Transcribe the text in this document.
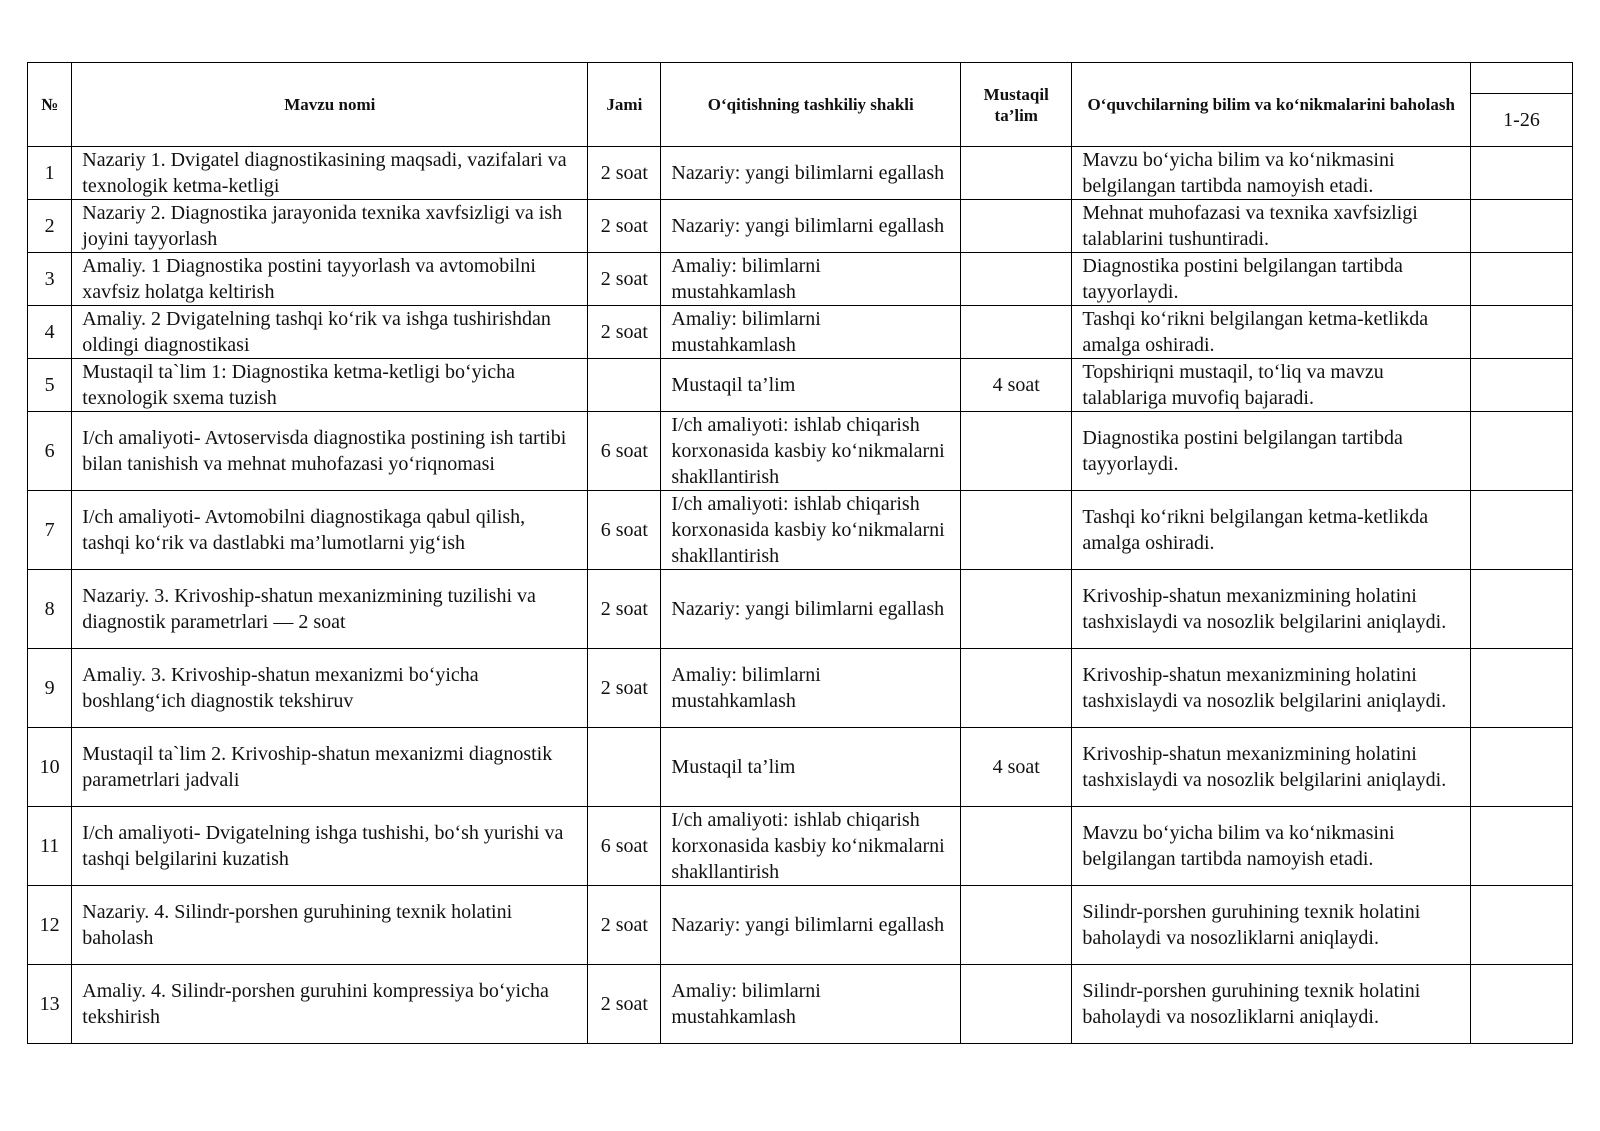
№	Mavzu nomi	Jami	O‘qitishning tashkiliy shakli	Mustaqil ta’lim	O‘quvchilarning bilim va ko‘nikmalarini baholash	
						1-26
1	Nazariy 1. Dvigatel diagnostikasining maqsadi, vazifalari va texnologik ketma-ketligi	2 soat	Nazariy: yangi bilimlarni egallash		Mavzu bo‘yicha bilim va ko‘nikmasini belgilangan tartibda namoyish etadi.	
2	Nazariy 2. Diagnostika jarayonida texnika xavfsizligi va ish joyini tayyorlash	2 soat	Nazariy: yangi bilimlarni egallash		Mehnat muhofazasi va texnika xavfsizligi talablarini tushuntiradi.	
3	Amaliy. 1 Diagnostika postini tayyorlash va avtomobilni xavfsiz holatga keltirish	2 soat	Amaliy: bilimlarni mustahkamlash		Diagnostika postini belgilangan tartibda tayyorlaydi.	
4	Amaliy. 2 Dvigatelning tashqi ko‘rik va ishga tushirishdan oldingi diagnostikasi	2 soat	Amaliy: bilimlarni mustahkamlash		Tashqi ko‘rikni belgilangan ketma-ketlikda amalga oshiradi.	
5	Mustaqil ta`lim 1: Diagnostika ketma-ketligi bo‘yicha texnologik sxema tuzish		Mustaqil ta’lim	4 soat	Topshiriqni mustaqil, to‘liq va mavzu talablariga muvofiq bajaradi.	
6	I/ch amaliyoti- Avtoservisda diagnostika postining ish tartibi bilan tanishish va mehnat muhofazasi yo‘riqnomasi	6 soat	I/ch amaliyoti: ishlab chiqarish korxonasida kasbiy ko‘nikmalarni shakllantirish		Diagnostika postini belgilangan tartibda tayyorlaydi.	
7	I/ch amaliyoti- Avtomobilni diagnostikaga qabul qilish, tashqi ko‘rik va dastlabki ma’lumotlarni yig‘ish	6 soat	I/ch amaliyoti: ishlab chiqarish korxonasida kasbiy ko‘nikmalarni shakllantirish		Tashqi ko‘rikni belgilangan ketma-ketlikda amalga oshiradi.	
8	Nazariy. 3. Krivoship-shatun mexanizmining tuzilishi va diagnostik parametrlari — 2 soat	2 soat	Nazariy: yangi bilimlarni egallash		Krivoship-shatun mexanizmining holatini tashxislaydi va nosozlik belgilarini aniqlaydi.	
9	Amaliy. 3. Krivoship-shatun mexanizmi bo‘yicha boshlang‘ich diagnostik tekshiruv	2 soat	Amaliy: bilimlarni mustahkamlash		Krivoship-shatun mexanizmining holatini tashxislaydi va nosozlik belgilarini aniqlaydi.	
10	Mustaqil ta`lim 2. Krivoship-shatun mexanizmi diagnostik parametrlari jadvali		Mustaqil ta’lim	4 soat	Krivoship-shatun mexanizmining holatini tashxislaydi va nosozlik belgilarini aniqlaydi.	
11	I/ch amaliyoti- Dvigatelning ishga tushishi, bo‘sh yurishi va tashqi belgilarini kuzatish	6 soat	I/ch amaliyoti: ishlab chiqarish korxonasida kasbiy ko‘nikmalarni shakllantirish		Mavzu bo‘yicha bilim va ko‘nikmasini belgilangan tartibda namoyish etadi.	
12	Nazariy. 4. Silindr-porshen guruhining texnik holatini baholash	2 soat	Nazariy: yangi bilimlarni egallash		Silindr-porshen guruhining texnik holatini baholaydi va nosozliklarni aniqlaydi.	
13	Amaliy. 4. Silindr-porshen guruhini kompressiya bo‘yicha tekshirish	2 soat	Amaliy: bilimlarni mustahkamlash		Silindr-porshen guruhining texnik holatini baholaydi va nosozliklarni aniqlaydi.	
